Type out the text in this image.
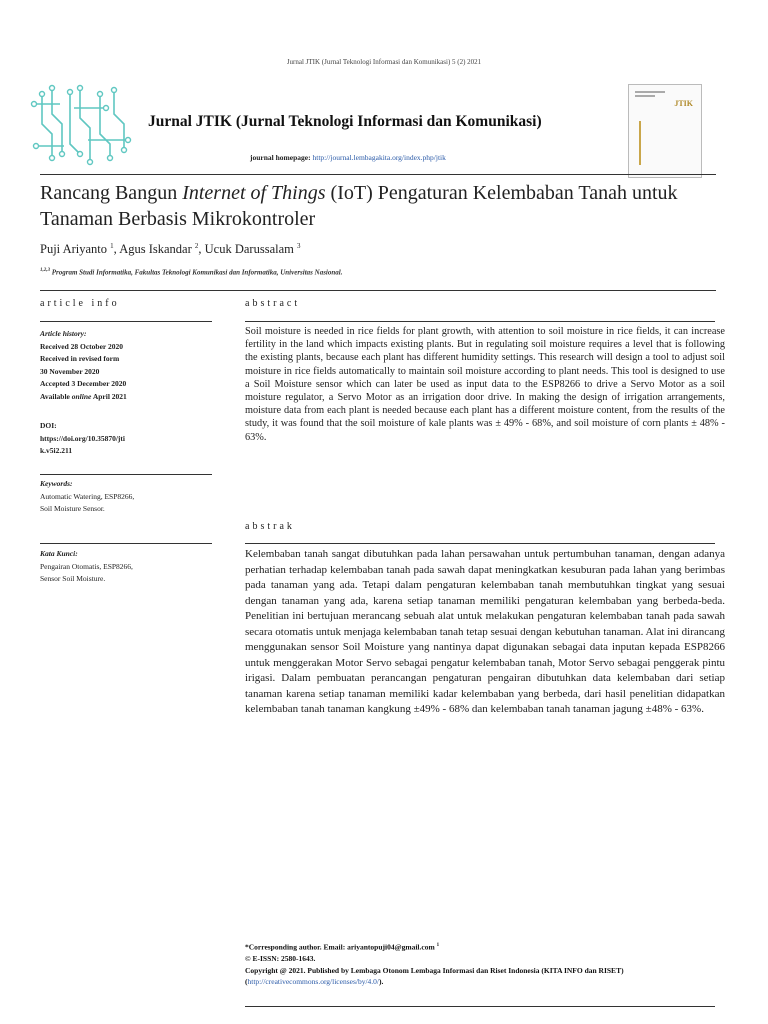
Jurnal JTIK (Jurnal Teknologi Informasi dan Komunikasi) 5 (2) 2021
Jurnal JTIK (Jurnal Teknologi Informasi dan Komunikasi)
journal homepage: http://journal.lembagakita.org/index.php/jtik
JTIK
Rancang Bangun Internet of Things (IoT) Pengaturan Kelembaban Tanah untuk Tanaman Berbasis Mikrokontroler
Puji Ariyanto $^1$, Agus Iskandar $^2$, Ucuk Darussalam $^3$
$^{1,2,3}$ Program Studi Informatika, Fakultas Teknologi Komunikasi dan Informatika, Universitas Nasional.
article info
Article history:
Received 28 October 2020
Received in revised form
30 November 2020
Accepted 3 December 2020
Available online April 2021
DOI:
https://doi.org/10.35870/jti
k.v5i2.211
Keywords:
Automatic Watering, ESP8266,
Soil Moisture Sensor.
Kata Kunci:
Pengairan Otomatis, ESP8266,
Sensor Soil Moisture.
abstract
Soil moisture is needed in rice fields for plant growth, with attention to soil moisture in rice fields, it can increase fertility in the land which impacts existing plants. But in regulating soil moisture requires a level that is following the existing plants, because each plant has different humidity settings. This research will design a tool to adjust soil moisture in rice fields automatically to maintain soil moisture according to plant needs. This tool is designed to use a Soil Moisture sensor which can later be used as input data to the ESP8266 to drive a Servo Motor as a soil moisture regulator, a Servo Motor as an irrigation door drive. In making the design of irrigation arrangements, moisture data from each plant is needed because each plant has a different moisture content, from the results of the study, it was found that the soil moisture of kale plants was ± 49% - 68%, and soil moisture of corn plants ± 48% - 63%.
abstrak
Kelembaban tanah sangat dibutuhkan pada lahan persawahan untuk pertumbuhan tanaman, dengan adanya perhatian terhadap kelembaban tanah pada sawah dapat meningkatkan kesuburan pada lahan yang berimbas pada tanaman yang ada. Tetapi dalam pengaturan kelembaban tanah membutuhkan tingkat yang sesuai dengan tanaman yang ada, karena setiap tanaman memiliki pengaturan kelembaban yang berbeda-beda. Penelitian ini bertujuan merancang sebuah alat untuk melakukan pengaturan kelembaban tanah pada sawah secara otomatis untuk menjaga kelembaban tanah tetap sesuai dengan kebutuhan tanaman. Alat ini dirancang menggunakan sensor Soil Moisture yang nantinya dapat digunakan sebagai data inputan kepada ESP8266 untuk menggerakan Motor Servo sebagai pengatur kelembaban tanah, Motor Servo sebagai penggerak pintu irigasi. Dalam pembuatan perancangan pengaturan pengairan dibutuhkan data kelembaban dari setiap tanaman karena setiap tanaman memiliki kadar kelembaban yang berbeda, dari hasil penelitian didapatkan kelembaban tanah tanaman kangkung ±49% - 68% dan kelembaban tanah tanaman jagung ±48% - 63%.
*Corresponding author. Email: ariyantopuji04@gmail.com $^1$
© E-ISSN: 2580-1643.
Copyright @ 2021. Published by Lembaga Otonom Lembaga Informasi dan Riset Indonesia (KITA INFO dan RISET)
(http://creativecommons.org/licenses/by/4.0/).
